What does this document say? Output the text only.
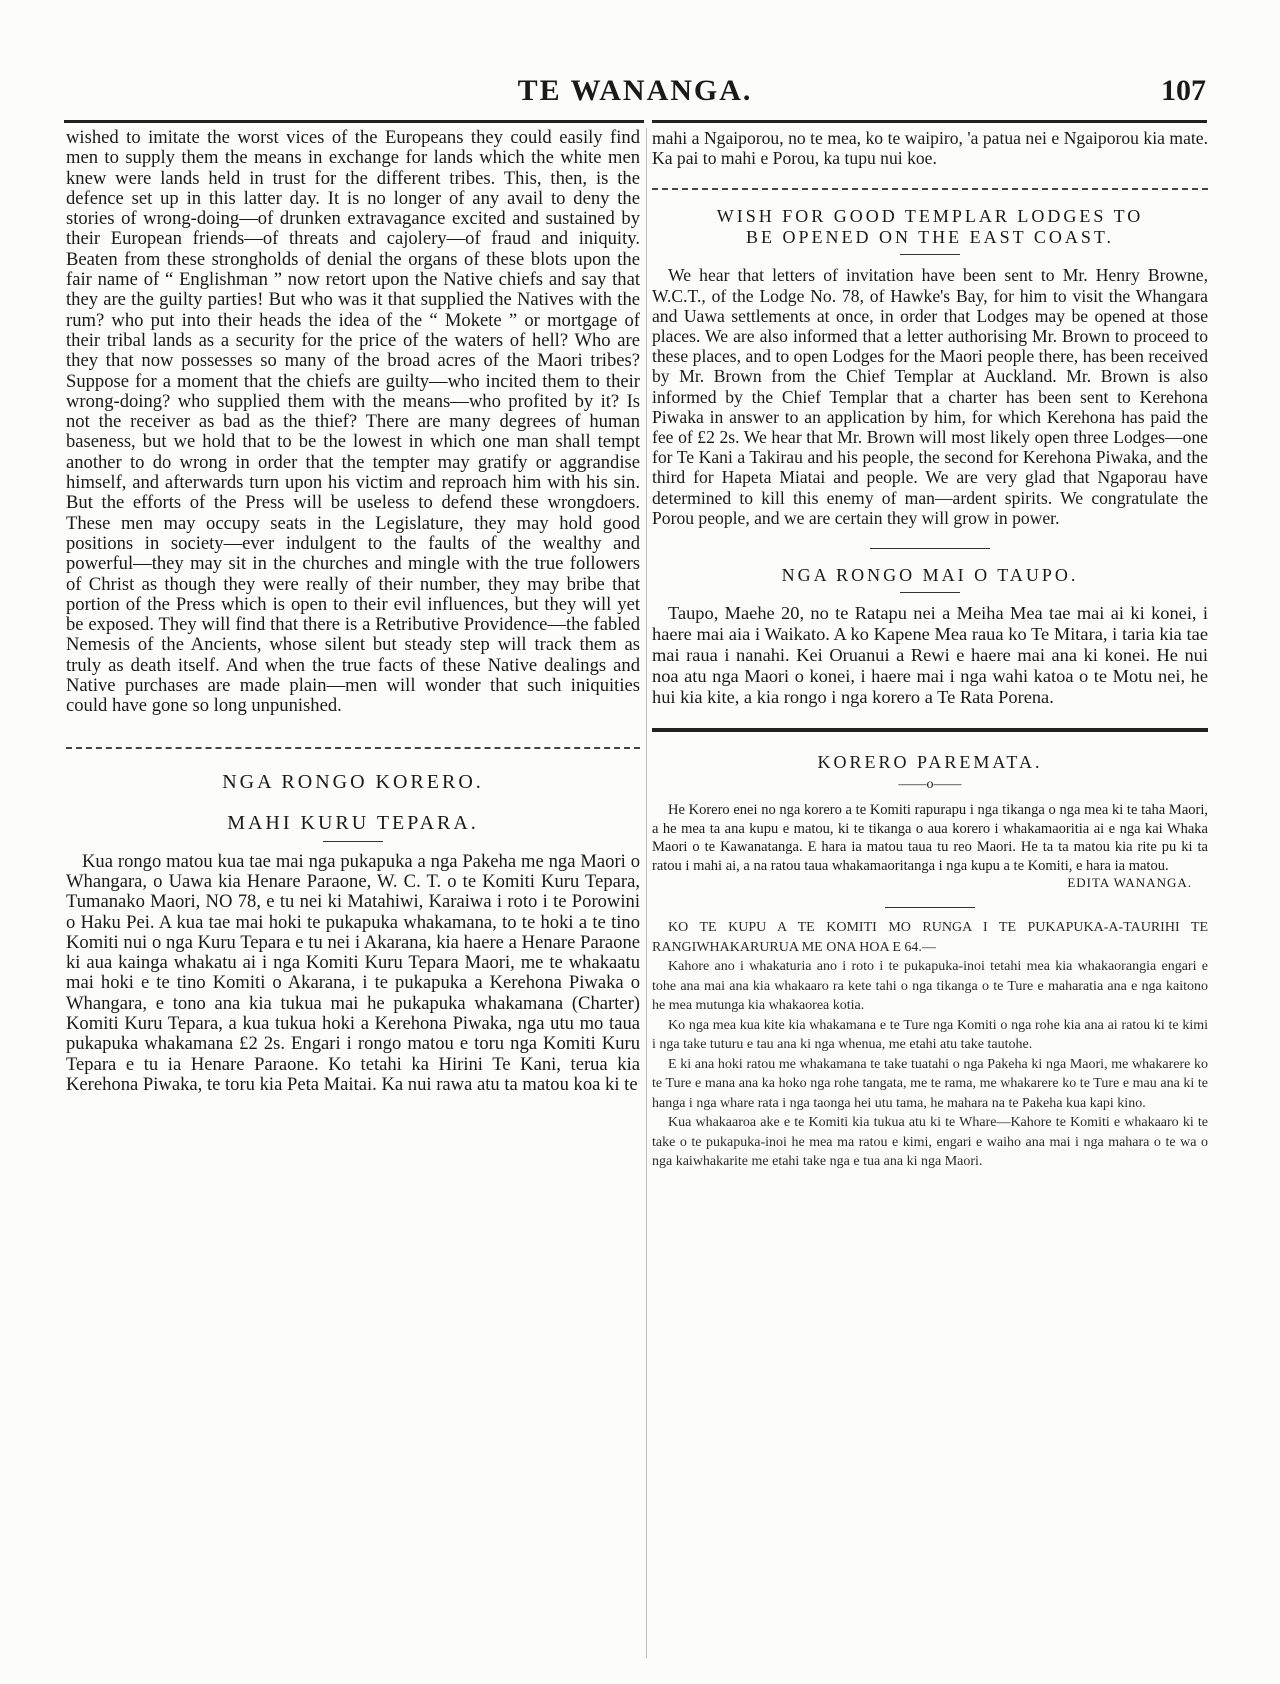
TE WANANGA.	107

wished to imitate the worst vices of the Europeans they could easily find men to supply them the means in exchange for lands which the white men knew were lands held in trust for the different tribes. This, then, is the defence set up in this latter day. It is no longer of any avail to deny the stories of wrong-doing—of drunken extravagance excited and sustained by their European friends—of threats and cajolery—of fraud and iniquity. Beaten from these strongholds of denial the organs of these blots upon the fair name of “ Englishman ” now retort upon the Native chiefs and say that they are the guilty parties! But who was it that supplied the Natives with the rum? who put into their heads the idea of the “ Mokete ” or mortgage of their tribal lands as a security for the price of the waters of hell? Who are they that now possesses so many of the broad acres of the Maori tribes? Suppose for a moment that the chiefs are guilty—who incited them to their wrong-doing? who supplied them with the means—who profited by it? Is not the receiver as bad as the thief? There are many degrees of human baseness, but we hold that to be the lowest in which one man shall tempt another to do wrong in order that the tempter may gratify or aggrandise himself, and afterwards turn upon his victim and reproach him with his sin. But the efforts of the Press will be useless to defend these wrongdoers. These men may occupy seats in the Legislature, they may hold good positions in society—ever indulgent to the faults of the wealthy and powerful—they may sit in the churches and mingle with the true followers of Christ as though they were really of their number, they may bribe that portion of the Press which is open to their evil influences, but they will yet be exposed. They will find that there is a Retributive Providence—the fabled Nemesis of the Ancients, whose silent but steady step will track them as truly as death itself. And when the true facts of these Native dealings and Native purchases are made plain—men will wonder that such iniquities could have gone so long unpunished.

NGA RONGO KORERO.
MAHI KURU TEPARA.

Kua rongo matou kua tae mai nga pukapuka a nga Pakeha me nga Maori o Whangara, o Uawa kia Henare Paraone, W. C. T. o te Komiti Kuru Tepara, Tumanako Maori, NO 78, e tu nei ki Matahiwi, Karaiwa i roto i te Porowini o Haku Pei. A kua tae mai hoki te pukapuka whakamana, to te hoki a te tino Komiti nui o nga Kuru Tepara e tu nei i Akarana, kia haere a Henare Paraone ki aua kainga whakatu ai i nga Komiti Kuru Tepara Maori, me te whakaatu mai hoki e te tino Komiti o Akarana, i te pukapuka a Kerehona Piwaka o Whangara, e tono ana kia tukua mai he pukapuka whakamana (Charter) Komiti Kuru Tepara, a kua tukua hoki a Kerehona Piwaka, nga utu mo taua pukapuka whakamana £2 2s. Engari i rongo matou e toru nga Komiti Kuru Tepara e tu ia Henare Paraone. Ko tetahi ka Hirini Te Kani, terua kia Kerehona Piwaka, te toru kia Peta Maitai. Ka nui rawa atu ta matou koa ki te

mahi a Ngaiporou, no te mea, ko te waipiro, 'a patua nei e Ngaiporou kia mate. Ka pai to mahi e Porou, ka tupu nui koe.

WISH FOR GOOD TEMPLAR LODGES TO
BE OPENED ON THE EAST COAST.

We hear that letters of invitation have been sent to Mr. Henry Browne, W.C.T., of the Lodge No. 78, of Hawke's Bay, for him to visit the Whangara and Uawa settlements at once, in order that Lodges may be opened at those places. We are also informed that a letter authorising Mr. Brown to proceed to these places, and to open Lodges for the Maori people there, has been received by Mr. Brown from the Chief Templar at Auckland. Mr. Brown is also informed by the Chief Templar that a charter has been sent to Kerehona Piwaka in answer to an application by him, for which Kerehona has paid the fee of £2 2s. We hear that Mr. Brown will most likely open three Lodges—one for Te Kani a Takirau and his people, the second for Kerehona Piwaka, and the third for Hapeta Miatai and people. We are very glad that Ngaporau have determined to kill this enemy of man—ardent spirits. We congratulate the Porou people, and we are certain they will grow in power.

NGA RONGO MAI O TAUPO.

Taupo, Maehe 20, no te Ratapu nei a Meiha Mea tae mai ai ki konei, i haere mai aia i Waikato. A ko Kapene Mea raua ko Te Mitara, i taria kia tae mai raua i nanahi. Kei Oruanui a Rewi e haere mai ana ki konei. He nui noa atu nga Maori o konei, i haere mai i nga wahi katoa o te Motu nei, he hui kia kite, a kia rongo i nga korero a Te Rata Porena.

KORERO PAREMATA.
——o——

He Korero enei no nga korero a te Komiti rapurapu i nga tikanga o nga mea ki te taha Maori, a he mea ta ana kupu e matou, ki te tikanga o aua korero i whakamaoritia ai e nga kai Whaka Maori o te Kawanatanga. E hara ia matou taua tu reo Maori. He ta ta matou kia rite pu ki ta ratou i mahi ai, a na ratou taua whakamaoritanga i nga kupu a te Komiti, e hara ia matou.

EDITA WANANGA.

KO TE KUPU A TE KOMITI MO RUNGA I TE PUKAPUKA-A-TAURIHI TE RANGIWHAKARURUA ME ONA HOA E 64.—

Kahore ano i whakaturia ano i roto i te pukapuka-inoi tetahi mea kia whakaorangia engari e tohe ana mai ana kia whakaaro ra kete tahi o nga tikanga o te Ture e maharatia ana e nga kaitono he mea mutunga kia whakaorea kotia.

Ko nga mea kua kite kia whakamana e te Ture nga Komiti o nga rohe kia ana ai ratou ki te kimi i nga take tuturu e tau ana ki nga whenua, me etahi atu take tautohe.

E ki ana hoki ratou me whakamana te take tuatahi o nga Pakeha ki nga Maori, me whakarere ko te Ture e mana ana ka hoko nga rohe tangata, me te rama, me whakarere ko te Ture e mau ana ki te hanga i nga whare rata i nga taonga hei utu tama, he mahara na te Pakeha kua kapi kino.

Kua whakaaroa ake e te Komiti kia tukua atu ki te Whare—Kahore te Komiti e whakaaro ki te take o te pukapuka-inoi he mea ma ratou e kimi, engari e waiho ana mai i nga mahara o te wa o nga kaiwhakarite me etahi take nga e tua ana ki nga Maori.
